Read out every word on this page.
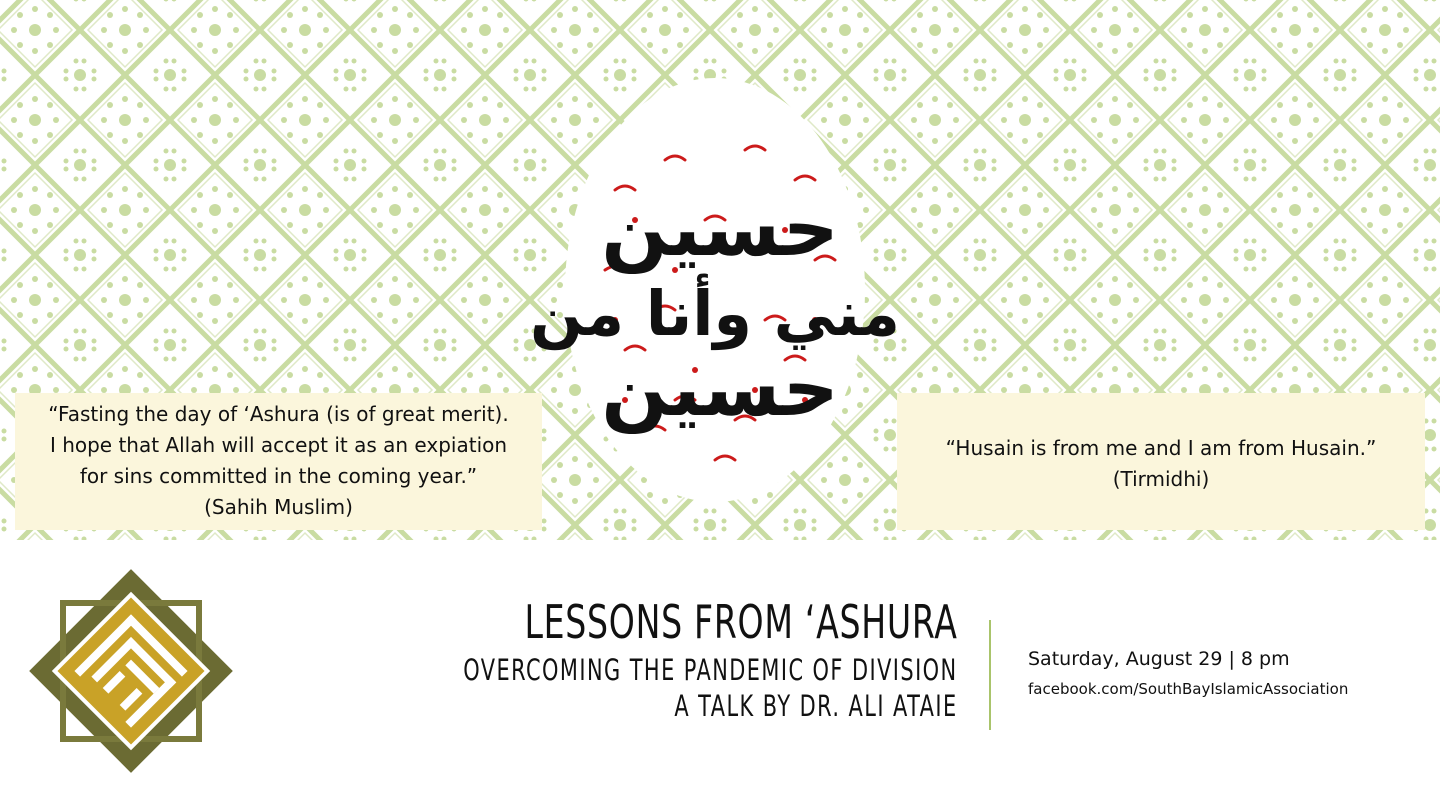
حسين
مني وأنا من
حسين
“Fasting the day of ‘Ashura (is of great merit).
I hope that Allah will accept it as an expiation
for sins committed in the coming year.”
(Sahih Muslim)
“Husain is from me and I am from Husain.”
(Tirmidhi)
LESSONS FROM ‘ASHURA
OVERCOMING THE PANDEMIC OF DIVISION
A TALK BY DR. ALI ATAIE
Saturday, August 29 | 8 pm
facebook.com/SouthBayIslamicAssociation
